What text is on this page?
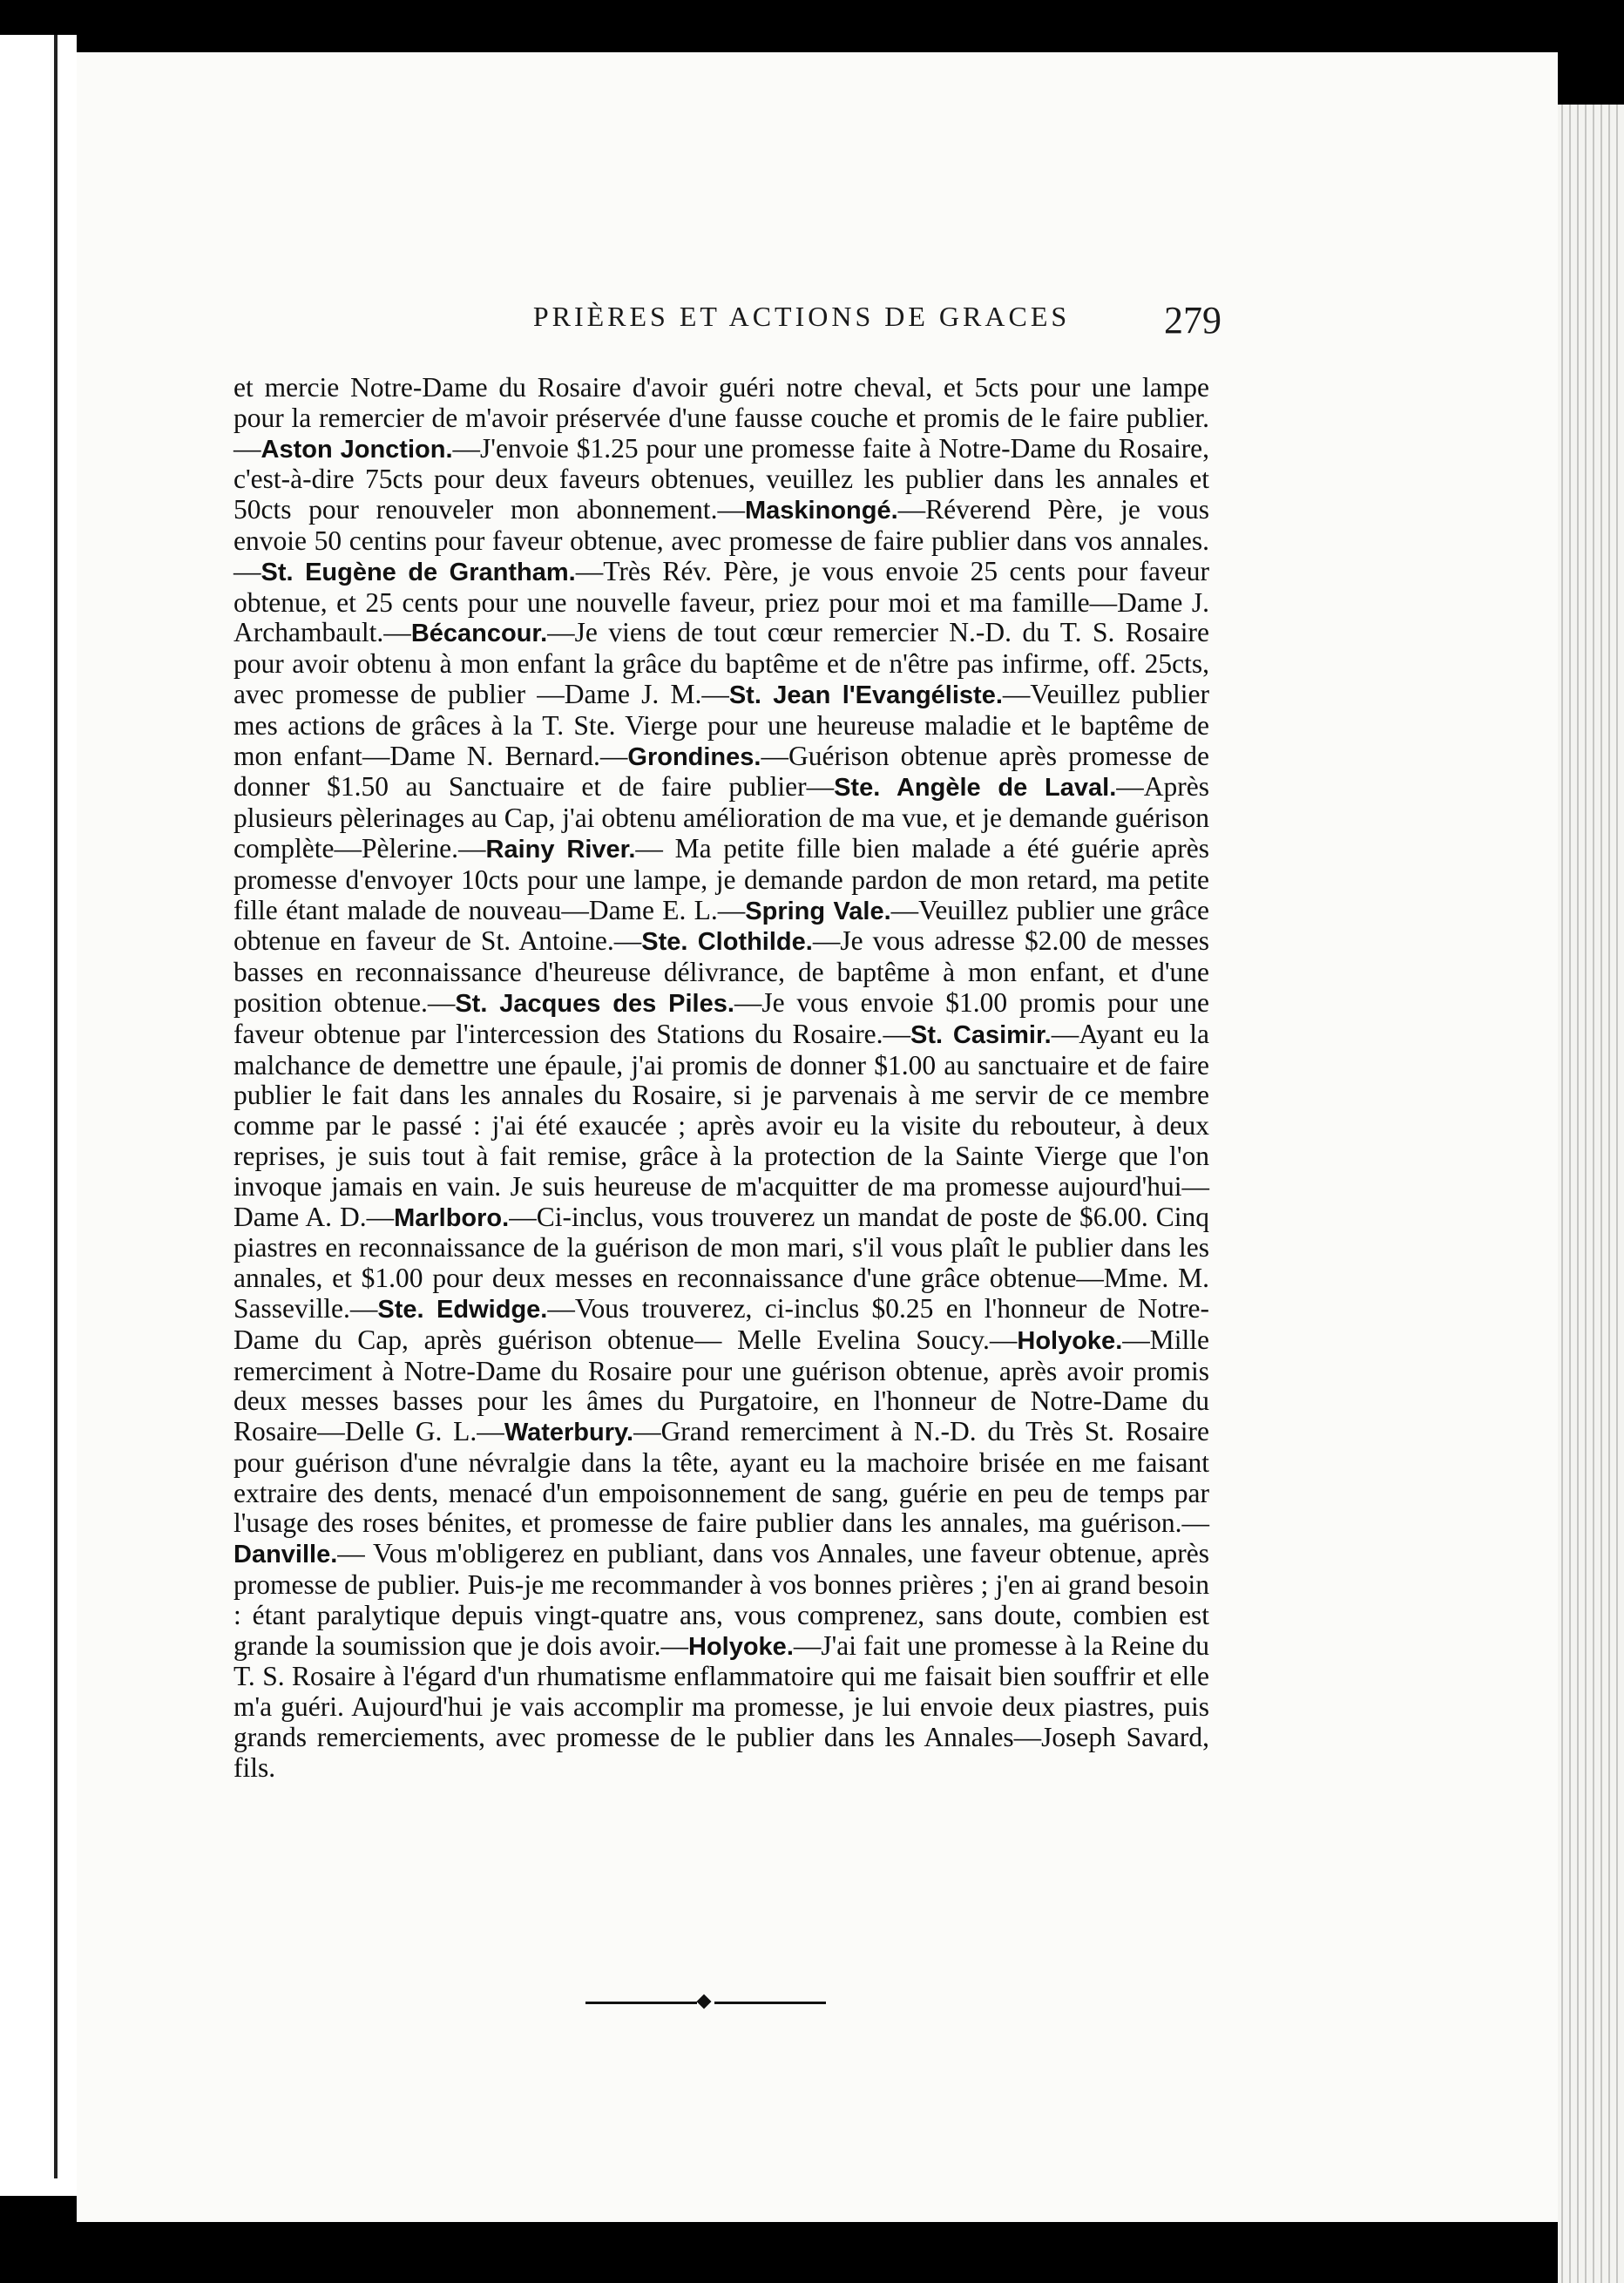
PRIÈRES ET ACTIONS DE GRACES	279
et mercie Notre-Dame du Rosaire d'avoir guéri notre cheval, et 5cts pour une lampe pour la remercier de m'avoir préservée d'une fausse couche et promis de le faire publier.—Aston Jonction.—J'envoie $1.25 pour une promesse faite à Notre-Dame du Rosaire, c'est-à-dire 75cts pour deux faveurs obtenues, veuillez les publier dans les annales et 50cts pour renouveler mon abonnement.—Maskinongé.—Réverend Père, je vous envoie 50 centins pour faveur obtenue, avec promesse de faire publier dans vos annales. —St. Eugène de Grantham.—Très Rév. Père, je vous envoie 25 cents pour faveur obtenue, et 25 cents pour une nouvelle faveur, priez pour moi et ma famille—Dame J. Archambault.—Bécancour.—Je viens de tout cœur remercier N.-D. du T. S. Rosaire pour avoir obtenu à mon enfant la grâce du baptême et de n'être pas infirme, off. 25cts, avec promesse de publier —Dame J. M.—St. Jean l'Evangéliste.—Veuillez publier mes actions de grâces à la T. Ste. Vierge pour une heureuse maladie et le baptême de mon enfant—Dame N. Bernard.—Grondines.—Guérison obtenue après promesse de donner $1.50 au Sanctuaire et de faire publier—Ste. Angèle de Laval.—Après plusieurs pèlerinages au Cap, j'ai obtenu amélioration de ma vue, et je demande guérison complète—Pèlerine.—Rainy River.— Ma petite fille bien malade a été guérie après promesse d'envoyer 10cts pour une lampe, je demande pardon de mon retard, ma petite fille étant malade de nouveau—Dame E. L.—Spring Vale.—Veuillez publier une grâce obtenue en faveur de St. Antoine.—Ste. Clothilde.—Je vous adresse $2.00 de messes basses en reconnaissance d'heureuse délivrance, de baptême à mon enfant, et d'une position obtenue.—St. Jacques des Piles.—Je vous envoie $1.00 promis pour une faveur obtenue par l'intercession des Stations du Rosaire.—St. Casimir.—Ayant eu la malchance de demettre une épaule, j'ai promis de donner $1.00 au sanctuaire et de faire publier le fait dans les annales du Rosaire, si je parvenais à me servir de ce membre comme par le passé : j'ai été exaucée ; après avoir eu la visite du rebouteur, à deux reprises, je suis tout à fait remise, grâce à la protection de la Sainte Vierge que l'on invoque jamais en vain. Je suis heureuse de m'acquitter de ma promesse aujourd'hui—Dame A. D.—Marlboro.—Ci-inclus, vous trouverez un mandat de poste de $6.00. Cinq piastres en reconnaissance de la guérison de mon mari, s'il vous plaît le publier dans les annales, et $1.00 pour deux messes en reconnaissance d'une grâce obtenue—Mme. M. Sasseville.—Ste. Edwidge.—Vous trouverez, ci-inclus $0.25 en l'honneur de Notre-Dame du Cap, après guérison obtenue— Melle Evelina Soucy.—Holyoke.—Mille remerciment à Notre-Dame du Rosaire pour une guérison obtenue, après avoir promis deux messes basses pour les âmes du Purgatoire, en l'honneur de Notre-Dame du Rosaire—Delle G. L.—Waterbury.—Grand remerciment à N.-D. du Très St. Rosaire pour guérison d'une névralgie dans la tête, ayant eu la machoire brisée en me faisant extraire des dents, menacé d'un empoisonnement de sang, guérie en peu de temps par l'usage des roses bénites, et promesse de faire publier dans les annales, ma guérison.—Danville.— Vous m'obligerez en publiant, dans vos Annales, une faveur obtenue, après promesse de publier. Puis-je me recommander à vos bonnes prières ; j'en ai grand besoin : étant paralytique depuis vingt-quatre ans, vous comprenez, sans doute, combien est grande la soumission que je dois avoir.—Holyoke.—J'ai fait une promesse à la Reine du T. S. Rosaire à l'égard d'un rhumatisme enflammatoire qui me faisait bien souffrir et elle m'a guéri. Aujourd'hui je vais accomplir ma promesse, je lui envoie deux piastres, puis grands remerciements, avec promesse de le publier dans les Annales—Joseph Savard, fils.
